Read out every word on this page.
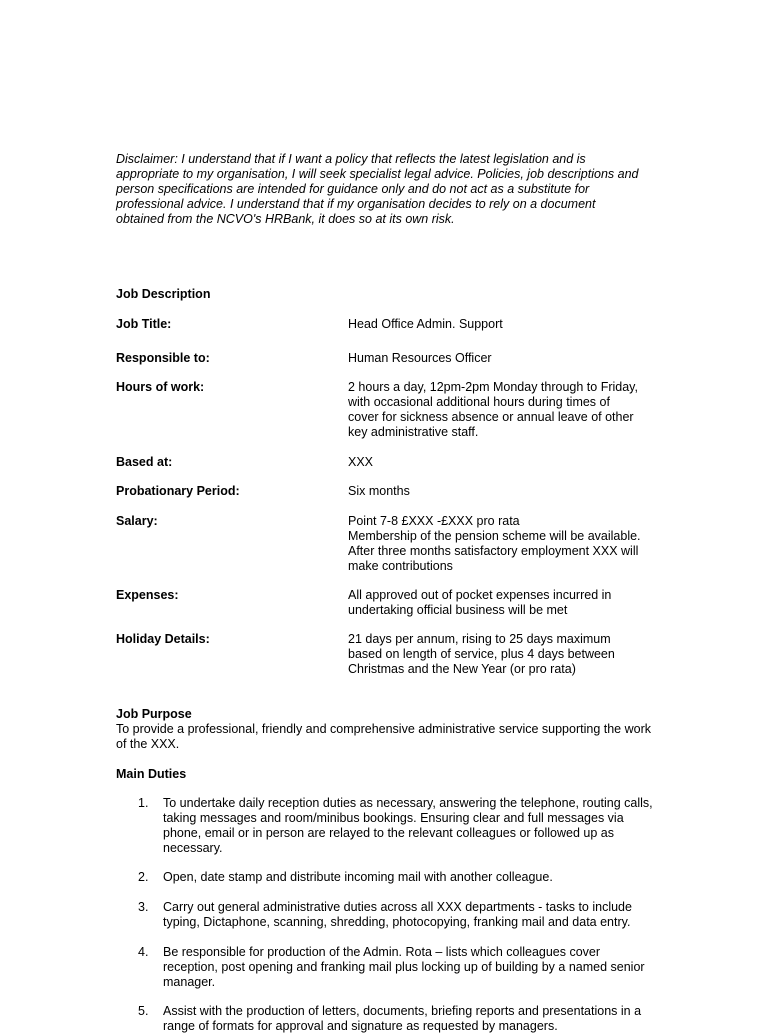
Disclaimer: I understand that if I want a policy that reflects the latest legislation and is appropriate to my organisation, I will seek specialist legal advice. Policies, job descriptions and person specifications are intended for guidance only and do not act as a substitute for professional advice. I understand that if my organisation decides to rely on a document obtained from the NCVO's HRBank, it does so at its own risk.

Job Description

Job Title:	Head Office Admin. Support
Responsible to:	Human Resources Officer
Hours of work:	2 hours a day, 12pm-2pm Monday through to Friday,
with occasional additional hours during times of
cover for sickness absence or annual leave of other
key administrative staff.
Based at:	XXX
Probationary Period:	Six months
Salary:	Point 7-8 £XXX -£XXX pro rata
Membership of the pension scheme will be available.
After three months satisfactory employment XXX will
make contributions
Expenses:	All approved out of pocket expenses incurred in
undertaking official business will be met
Holiday Details:	21 days per annum, rising to 25 days maximum
based on length of service, plus 4 days between
Christmas and the New Year (or pro rata)

Job Purpose

To provide a professional, friendly and comprehensive administrative service supporting the work of the XXX.

Main Duties

1.	To undertake daily reception duties as necessary, answering the telephone, routing calls, taking messages and room/minibus bookings. Ensuring clear and full messages via phone, email or in person are relayed to the relevant colleagues or followed up as necessary.
2.	Open, date stamp and distribute incoming mail with another colleague.
3.	Carry out general administrative duties across all XXX departments - tasks to include typing, Dictaphone, scanning, shredding, photocopying, franking mail and data entry.
4.	Be responsible for production of the Admin. Rota – lists which colleagues cover reception, post opening and franking mail plus locking up of building by a named senior manager.
5.	Assist with the production of letters, documents, briefing reports and presentations in a range of formats for approval and signature as requested by managers.
